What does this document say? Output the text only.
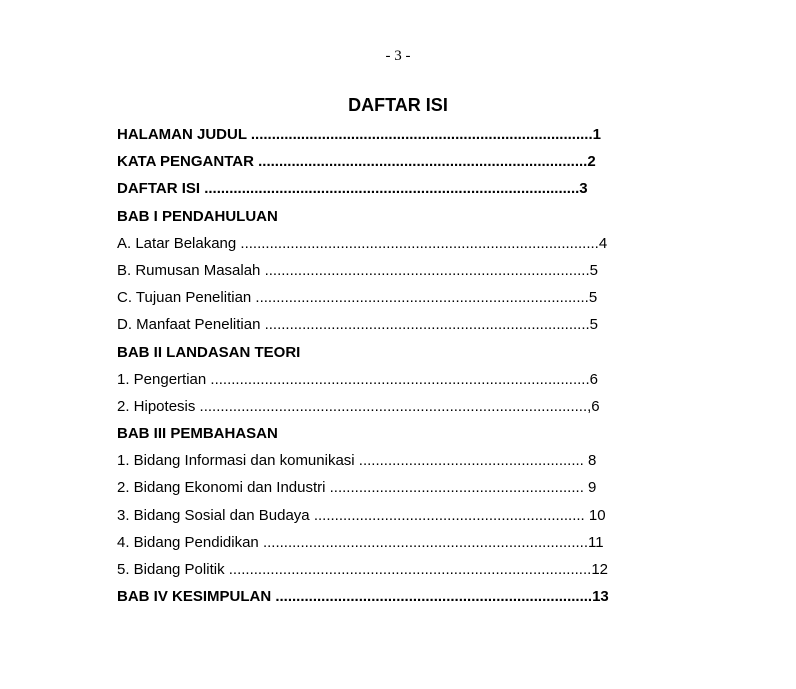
- 3 -
DAFTAR ISI
HALAMAN JUDUL ..................................................................................1
KATA PENGANTAR ...............................................................................2
DAFTAR ISI ..........................................................................................3
BAB I PENDAHULUAN
A. Latar Belakang ......................................................................................4
B. Rumusan Masalah ..............................................................................5
C. Tujuan Penelitian ................................................................................5
D. Manfaat Penelitian ..............................................................................5
BAB II LANDASAN TEORI
1. Pengertian ...........................................................................................6
2. Hipotesis .............................................................................................,6
BAB III PEMBAHASAN
1. Bidang Informasi dan komunikasi ...................................................... 8
2. Bidang Ekonomi dan Industri ............................................................. 9
3. Bidang Sosial dan Budaya ................................................................. 10
4. Bidang Pendidikan ..............................................................................11
5. Bidang Politik .......................................................................................12
BAB IV KESIMPULAN ............................................................................13
